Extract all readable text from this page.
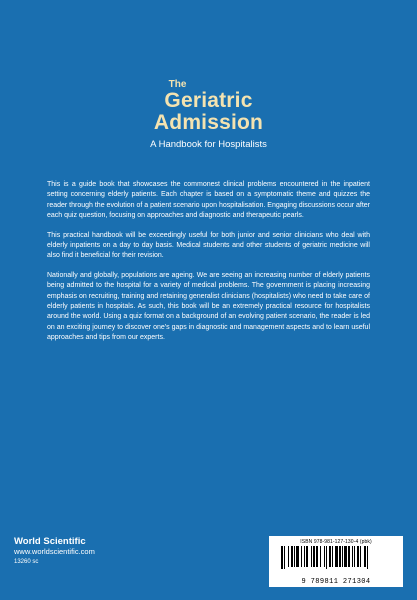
The
Geriatric
Admission
A Handbook for Hospitalists

This is a guide book that showcases the commonest clinical problems encountered in the inpatient setting concerning elderly patients. Each chapter is based on a symptomatic theme and quizzes the reader through the evolution of a patient scenario upon hospitalisation. Engaging discussions occur after each quiz question, focusing on approaches and diagnostic and therapeutic pearls.

This practical handbook will be exceedingly useful for both junior and senior clinicians who deal with elderly inpatients on a day to day basis. Medical students and other students of geriatric medicine will also find it beneficial for their revision.

Nationally and globally, populations are ageing. We are seeing an increasing number of elderly patients being admitted to the hospital for a variety of medical problems. The government is placing increasing emphasis on recruiting, training and retaining generalist clinicians (hospitalists) who need to take care of elderly patients in hospitals. As such, this book will be an extremely practical resource for hospitalists around the world. Using a quiz format on a background of an evolving patient scenario, the reader is led on an exciting journey to discover one's gaps in diagnostic and management aspects and to learn useful approaches and tips from our experts.

World Scientific
www.worldscientific.com
13260 sc
ISBN 978-981-127-130-4 (pbk)
9 789811 271304
